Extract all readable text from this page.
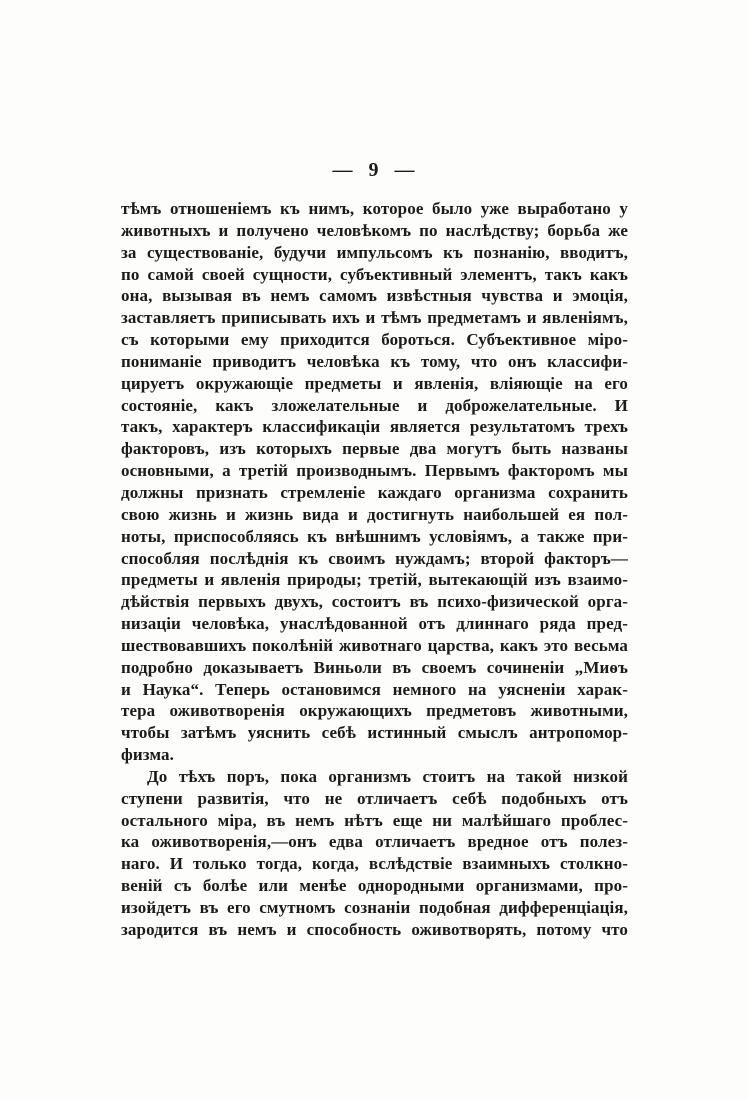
— 9 —
тѣмъ отношеніемъ къ нимъ, которое было уже выработано у
животныхъ и получено человѣкомъ по наслѣдству; борьба же
за существованіе, будучи импульсомъ къ познанію, вводитъ,
по самой своей сущности, субъективный элементъ, такъ какъ
она, вызывая въ немъ самомъ извѣстныя чувства и эмоція,
заставляетъ приписывать ихъ и тѣмъ предметамъ и явленіямъ,
съ которыми ему приходится бороться. Субъективное міро-
пониманіе приводитъ человѣка къ тому, что онъ классифи-
цируетъ окружающіе предметы и явленія, вліяющіе на его
состояніе, какъ зложелательные и доброжелательные. И
такъ, характеръ классификаціи является результатомъ трехъ
факторовъ, изъ которыхъ первые два могутъ быть названы
основными, а третій производнымъ. Первымъ факторомъ мы
должны признать стремленіе каждаго организма сохранить
свою жизнь и жизнь вида и достигнуть наибольшей ея пол-
ноты, приспособляясь къ внѣшнимъ условіямъ, а также при-
способляя послѣднія къ своимъ нуждамъ; второй факторъ—
предметы и явленія природы; третій, вытекающій изъ взаимо-
дѣйствія первыхъ двухъ, состоитъ въ психо-физической орга-
низаціи человѣка, унаслѣдованной отъ длиннаго ряда пред-
шествовавшихъ поколѣній животнаго царства, какъ это весьма
подробно доказываетъ Виньоли въ своемъ сочиненіи „Миѳъ
и Наука“. Теперь остановимся немного на уясненіи харак-
тера оживотворенія окружающихъ предметовъ животными,
чтобы затѣмъ уяснить себѣ истинный смыслъ антропомор-
физма.
До тѣхъ поръ, пока организмъ стоитъ на такой низкой
ступени развитія, что не отличаетъ себѣ подобныхъ отъ
остального міра, въ немъ нѣтъ еще ни малѣйшаго проблес-
ка оживотворенія,—онъ едва отличаетъ вредное отъ полез-
наго. И только тогда, когда, вслѣдствіе взаимныхъ столкно-
веній съ болѣе или менѣе однородными организмами, про-
изойдетъ въ его смутномъ сознаніи подобная дифференціація,
зародится въ немъ и способность оживотворять, потому что
